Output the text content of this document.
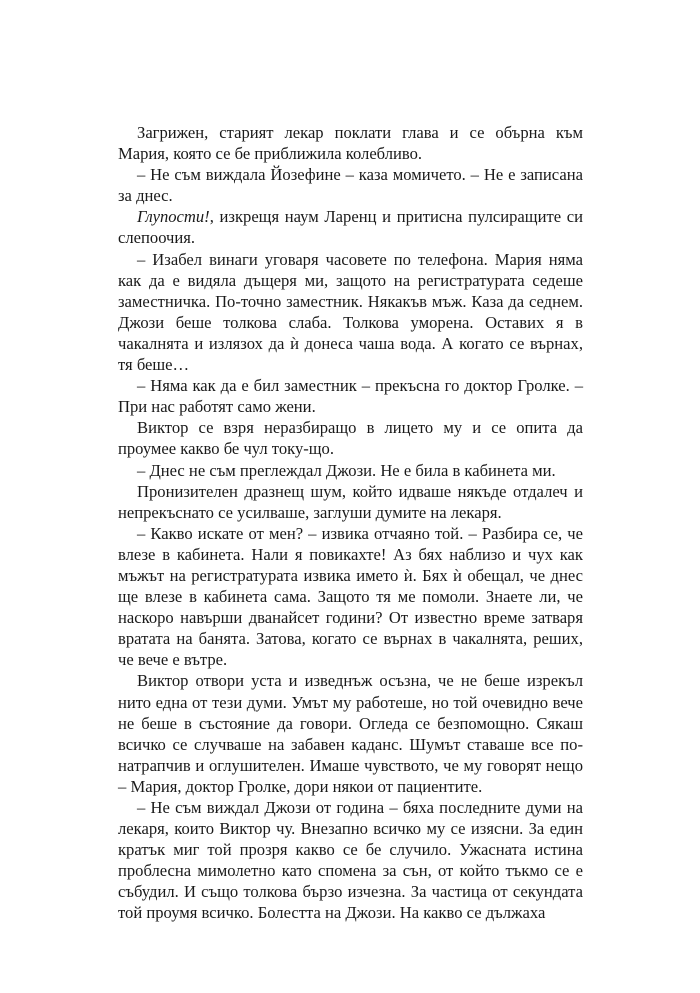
Загрижен, старият лекар поклати глава и се обърна към Мария, която се бе приближила колебливо.

– Не съм виждала Йозефине – каза момичето. – Не е записана за днес.

Глупости!, изкрещя наум Ларенц и притисна пулсиращите си слепоочия.

– Изабел винаги уговаря часовете по телефона. Мария няма как да е видяла дъщеря ми, защото на регистратурата седеше заместничка. По-точно заместник. Някакъв мъж. Каза да седнем. Джози беше толкова слаба. Толкова уморена. Оставих я в чакалнята и излязох да ѝ донеса чаша вода. А когато се върнах, тя беше…

– Няма как да е бил заместник – прекъсна го доктор Гролке. – При нас работят само жени.

Виктор се взря неразбиращо в лицето му и се опита да проумее какво бе чул току-що.

– Днес не съм преглеждал Джози. Не е била в кабинета ми.

Пронизителен дразнещ шум, който идваше някъде отдалеч и непрекъснато се усилваше, заглуши думите на лекаря.

– Какво искате от мен? – извика отчаяно той. – Разбира се, че влезе в кабинета. Нали я повикахте! Аз бях наблизо и чух как мъжът на регистратурата извика името ѝ. Бях ѝ обещал, че днес ще влезе в кабинета сама. Защото тя ме помоли. Знаете ли, че наскоро навърши дванайсет години? От известно време затваря вратата на банята. Затова, когато се върнах в чакалнята, реших, че вече е вътре.

Виктор отвори уста и изведнъж осъзна, че не беше изрекъл нито една от тези думи. Умът му работеше, но той очевидно вече не беше в състояние да говори. Огледа се безпомощно. Сякаш всичко се случваше на забавен каданс. Шумът ставаше все по-натрапчив и оглушителен. Имаше чувството, че му говорят нещо – Мария, доктор Гролке, дори някои от пациентите.

– Не съм виждал Джози от година – бяха последните думи на лекаря, които Виктор чу. Внезапно всичко му се изясни. За един кратък миг той прозря какво се бе случило. Ужасната истина проблесна мимолетно като спомена за сън, от който тъкмо се е събудил. И също толкова бързо изчезна. За частица от секундата той проумя всичко. Болестта на Джози. На какво се дължаха
